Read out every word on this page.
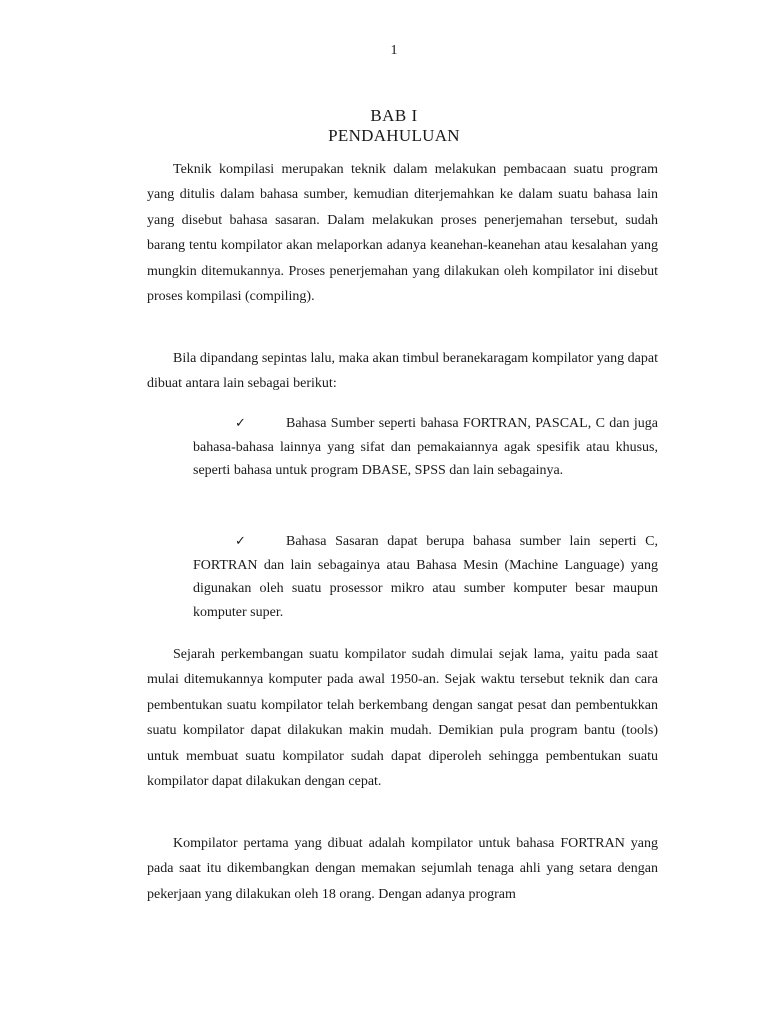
1
BAB I
PENDAHULUAN

Teknik kompilasi merupakan teknik dalam melakukan pembacaan suatu program yang ditulis dalam bahasa sumber, kemudian diterjemahkan ke dalam suatu bahasa lain yang disebut bahasa sasaran. Dalam melakukan proses penerjemahan tersebut, sudah barang tentu kompilator akan melaporkan adanya keanehan-keanehan atau kesalahan yang mungkin ditemukannya. Proses penerjemahan yang dilakukan oleh kompilator ini disebut proses kompilasi (compiling).

Bila dipandang sepintas lalu, maka akan timbul beranekaragam kompilator yang dapat dibuat antara lain sebagai berikut:

✓	Bahasa Sumber seperti bahasa FORTRAN, PASCAL, C dan juga bahasa-bahasa lainnya yang sifat dan pemakaiannya agak spesifik atau khusus, seperti bahasa untuk program DBASE, SPSS dan lain sebagainya.

✓	Bahasa Sasaran dapat berupa bahasa sumber lain seperti C, FORTRAN dan lain sebagainya atau Bahasa Mesin (Machine Language) yang digunakan oleh suatu prosessor mikro atau sumber komputer besar maupun komputer super.

Sejarah perkembangan suatu kompilator sudah dimulai sejak lama, yaitu pada saat mulai ditemukannya komputer pada awal 1950-an. Sejak waktu tersebut teknik dan cara pembentukan suatu kompilator telah berkembang dengan sangat pesat dan pembentukkan suatu kompilator dapat dilakukan makin mudah. Demikian pula program bantu (tools) untuk membuat suatu kompilator sudah dapat diperoleh sehingga pembentukan suatu kompilator dapat dilakukan dengan cepat.

Kompilator pertama yang dibuat adalah kompilator untuk bahasa FORTRAN yang pada saat itu dikembangkan dengan memakan sejumlah tenaga ahli yang setara dengan pekerjaan yang dilakukan oleh 18 orang. Dengan adanya program
